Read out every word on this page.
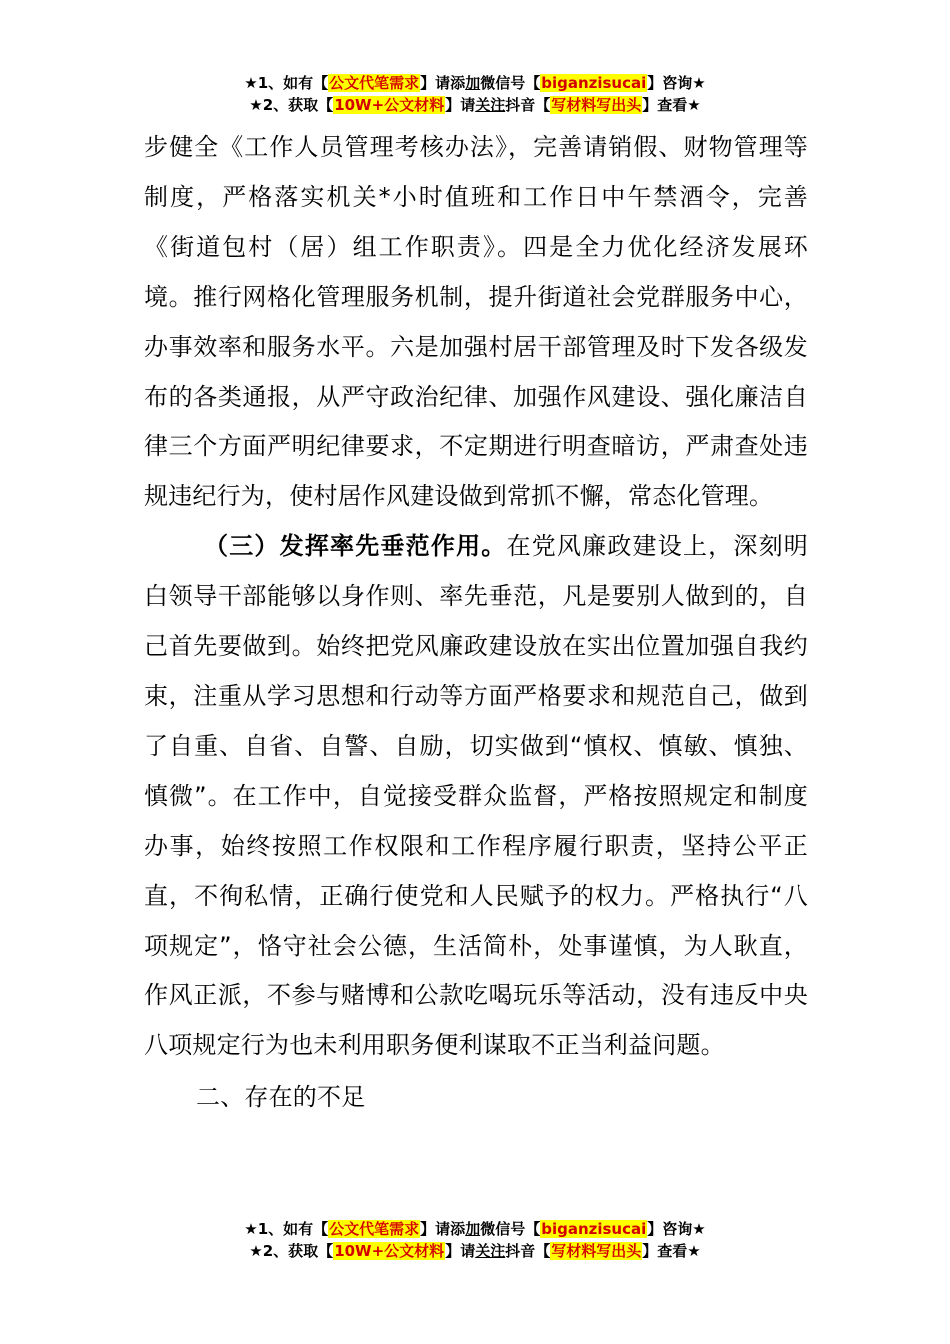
★1、如有【公文代笔需求】请添加微信号【biganzisucai】咨询★
★2、获取【10W+公文材料】请关注抖音【写材料写出头】查看★

步健全《工作人员管理考核办法》，完善请销假、财物管理等制度，严格落实机关*小时值班和工作日中午禁酒令，完善《街道包村（居）组工作职责》。四是全力优化经济发展环境。推行网格化管理服务机制，提升街道社会党群服务中心，办事效率和服务水平。六是加强村居干部管理及时下发各级发布的各类通报，从严守政治纪律、加强作风建设、强化廉洁自律三个方面严明纪律要求，不定期进行明查暗访，严肃查处违规违纪行为，使村居作风建设做到常抓不懈，常态化管理。

（三）发挥率先垂范作用。在党风廉政建设上，深刻明白领导干部能够以身作则、率先垂范，凡是要别人做到的，自己首先要做到。始终把党风廉政建设放在实出位置加强自我约束，注重从学习思想和行动等方面严格要求和规范自己，做到了自重、自省、自警、自励，切实做到“慎权、慎敏、慎独、慎微”。在工作中，自觉接受群众监督，严格按照规定和制度办事，始终按照工作权限和工作程序履行职责，坚持公平正直，不徇私情，正确行使党和人民赋予的权力。严格执行“八项规定”，恪守社会公德，生活简朴，处事谨慎，为人耿直，作风正派，不参与赌博和公款吃喝玩乐等活动，没有违反中央八项规定行为也未利用职务便利谋取不正当利益问题。

二、存在的不足

★1、如有【公文代笔需求】请添加微信号【biganzisucai】咨询★
★2、获取【10W+公文材料】请关注抖音【写材料写出头】查看★
